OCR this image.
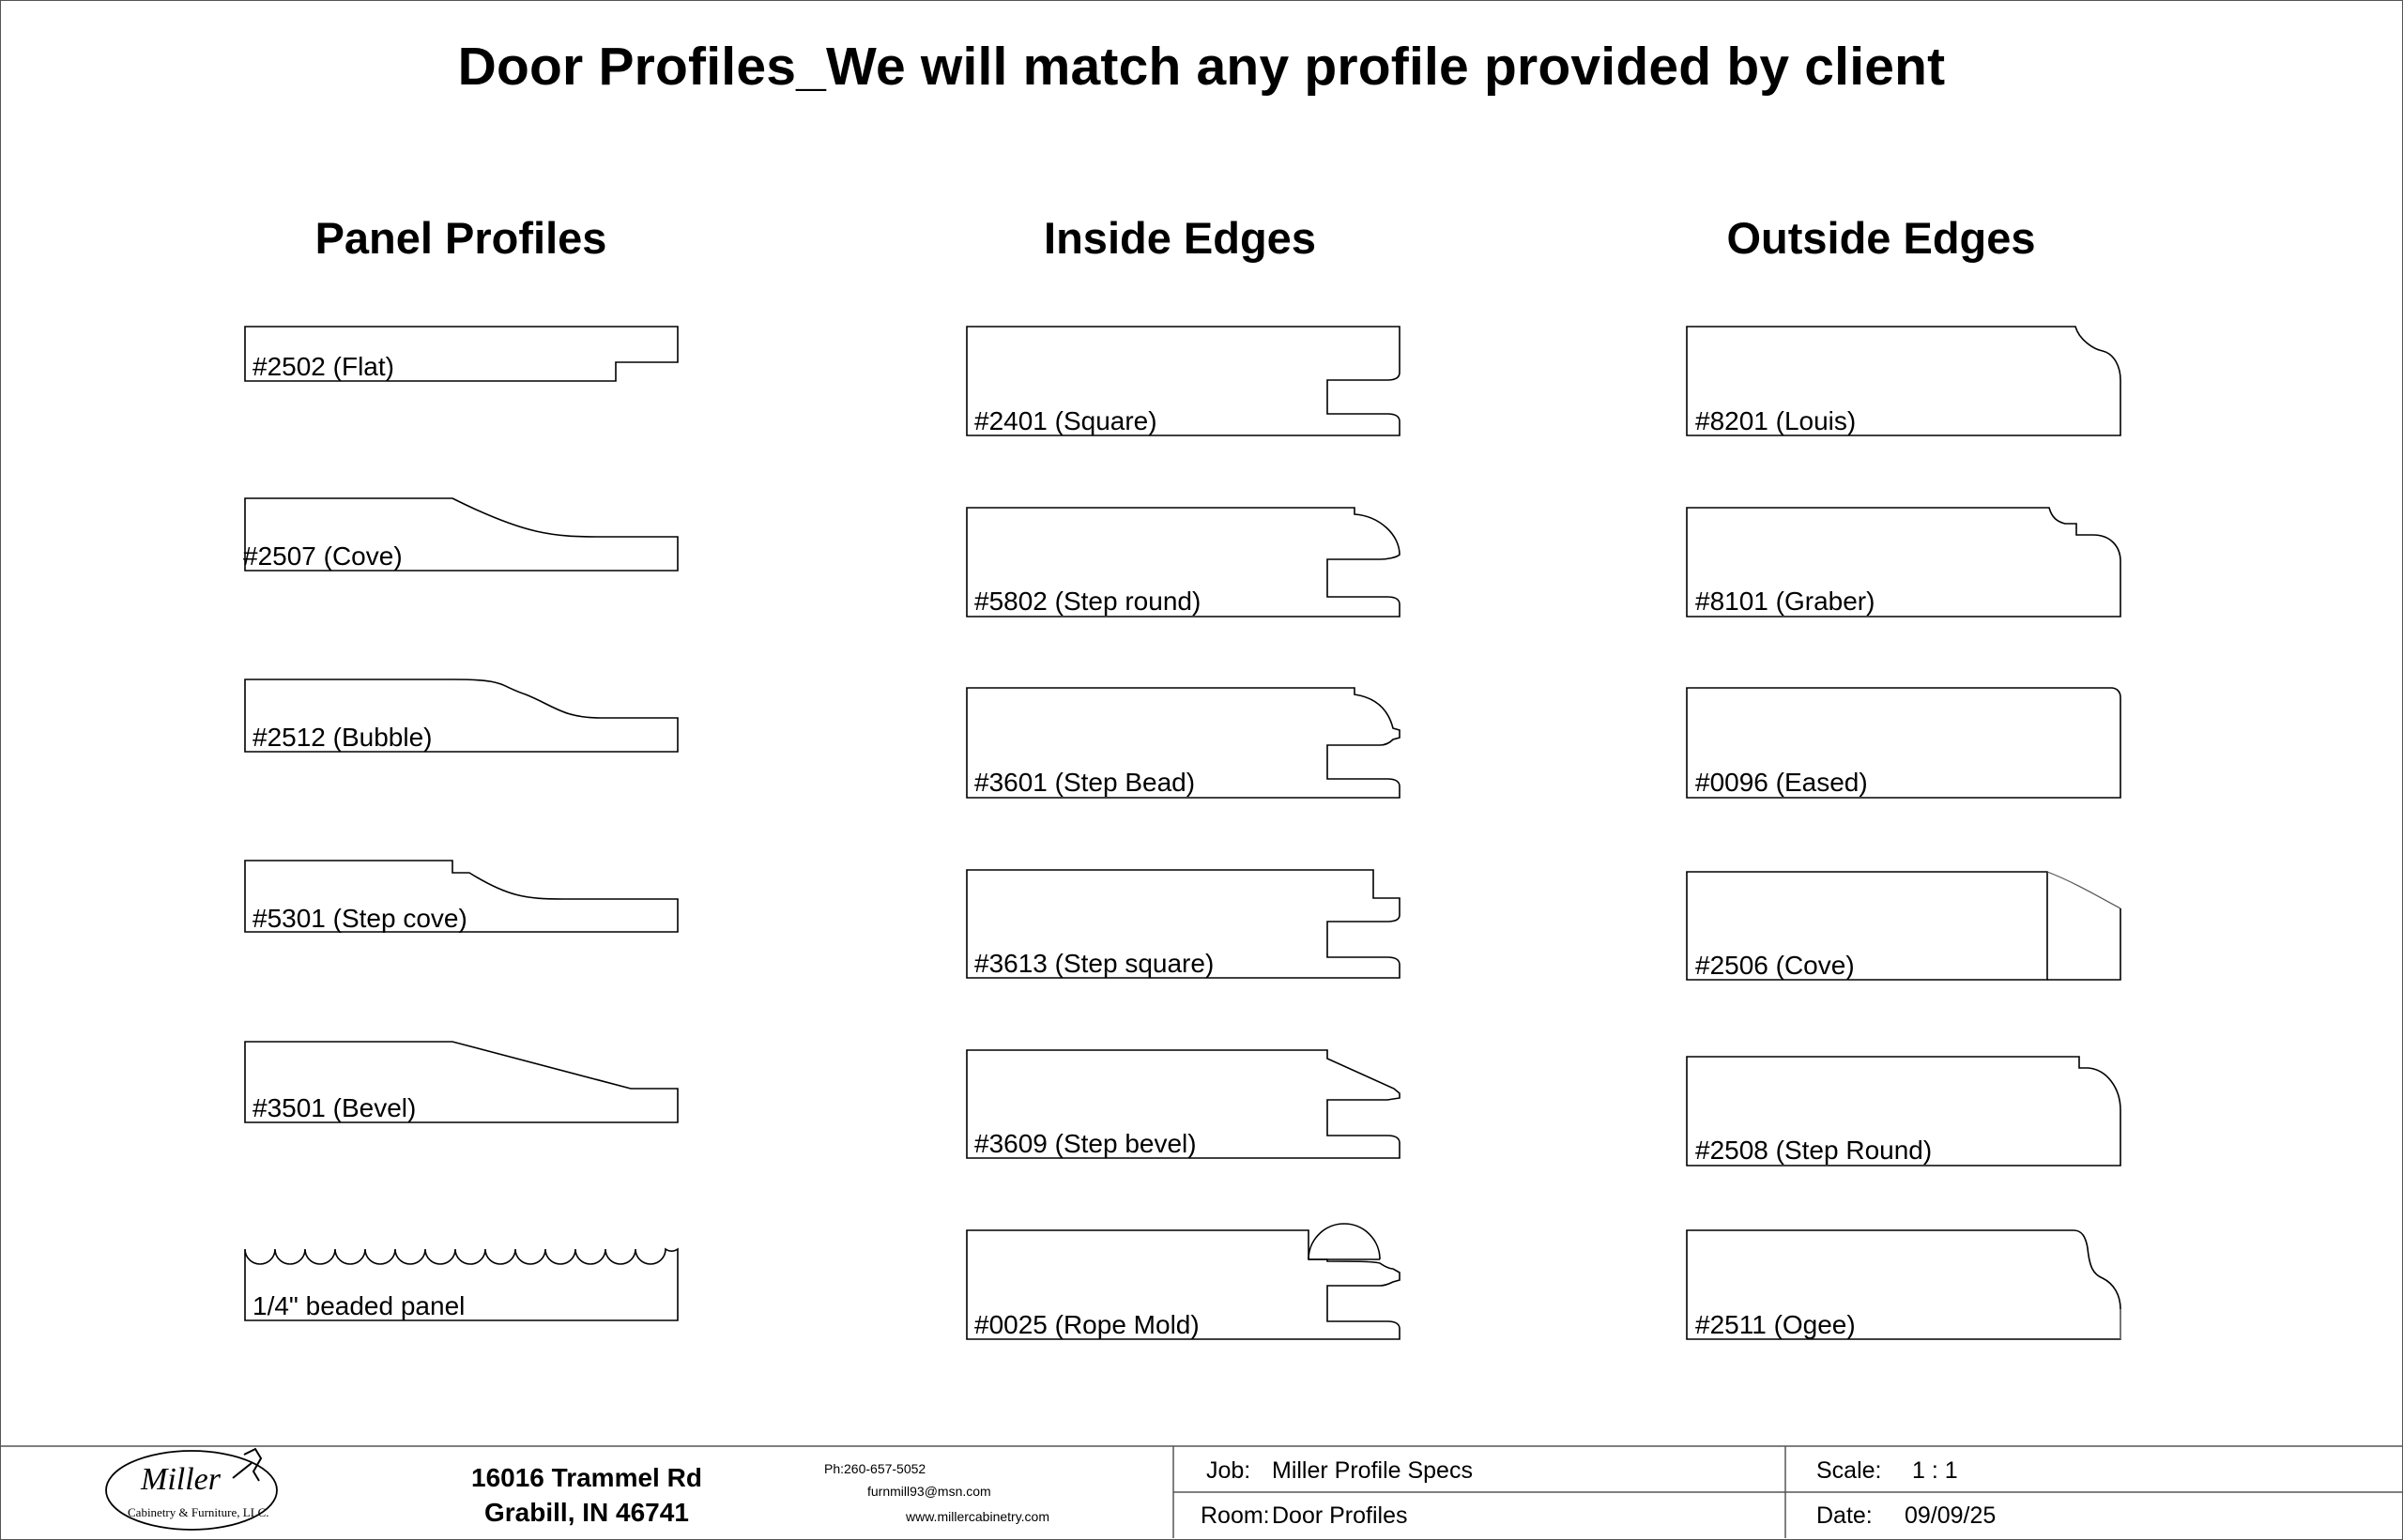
Door Profiles_We will match any profile provided by client
Panel Profiles	Inside Edges	Outside Edges
#2502 (Flat)
#2507 (Cove)
#2512 (Bubble)
#5301 (Step cove)
#3501 (Bevel)
1/4" beaded panel
#2401 (Square)
#5802 (Step round)
#3601 (Step Bead)
#3613 (Step square)
#3609 (Step bevel)
#0025 (Rope Mold)
#8201 (Louis)
#8101 (Graber)
#0096 (Eased)
#2506 (Cove)
#2508 (Step Round)
#2511 (Ogee)
Miller
Cabinetry & Furniture, LLC.
16016 Trammel Rd
Grabill, IN 46741
Ph:260-657-5052
furnmill93@msn.com
www.millercabinetry.com
Job: Miller Profile Specs
Room: Door Profiles
Scale: 1 : 1
Date: 09/09/25
